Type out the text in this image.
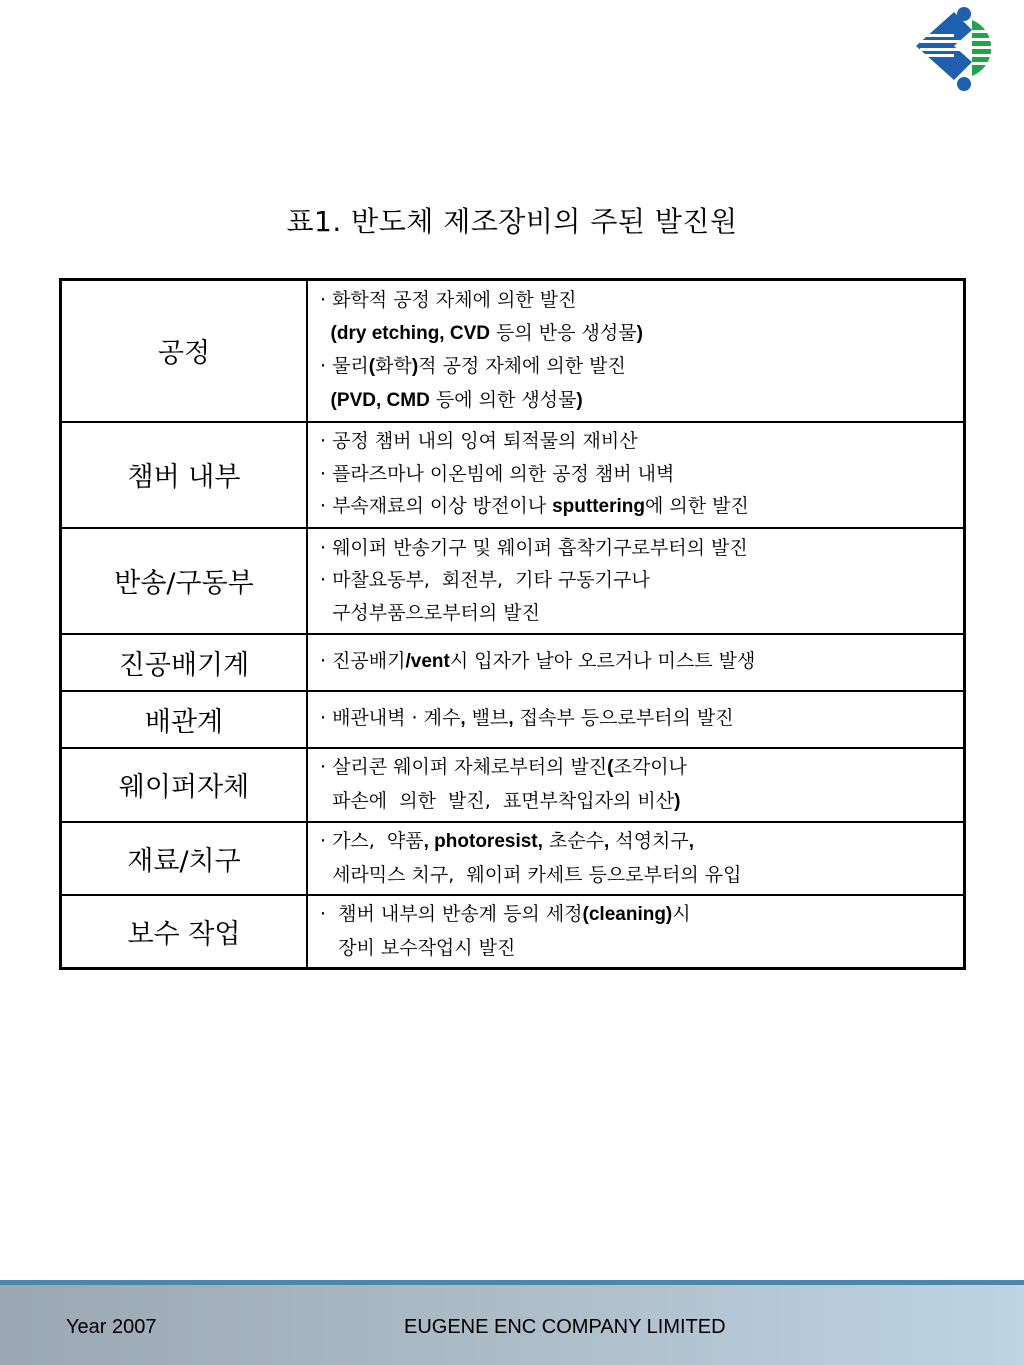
표1. 반도체 제조장비의 주된 발진원
공정	· 화학적 공정 자체에 의한 발진
(dry etching, CVD 등의 반응 생성물)
· 물리(화학)적 공정 자체에 의한 발진
(PVD, CMD 등에 의한 생성물)

챔버 내부	· 공정 챔버 내의 잉여 퇴적물의 재비산
· 플라즈마나 이온빔에 의한 공정 챔버 내벽
· 부속재료의 이상 방전이나 sputtering에 의한 발진

반송/구동부	· 웨이퍼 반송기구 및 웨이퍼 흡착기구로부터의 발진
· 마찰요동부,  회전부,  기타 구동기구나
구성부품으로부터의 발진

진공배기계	· 진공배기/vent시 입자가 날아 오르거나 미스트 발생

배관계	· 배관내벽 · 계수, 밸브, 접속부 등으로부터의 발진

웨이퍼자체	· 살리콘 웨이퍼 자체로부터의 발진(조각이나
파손에  의한  발진,  표면부착입자의 비산)

재료/치구	· 가스,  약품, photoresist, 초순수, 석영치구,
세라믹스 치구,  웨이퍼 카세트 등으로부터의 유입

보수 작업	·  챔버 내부의 반송계 등의 세정(cleaning)시
장비 보수작업시 발진
Year 2007	EUGENE ENC COMPANY LIMITED
